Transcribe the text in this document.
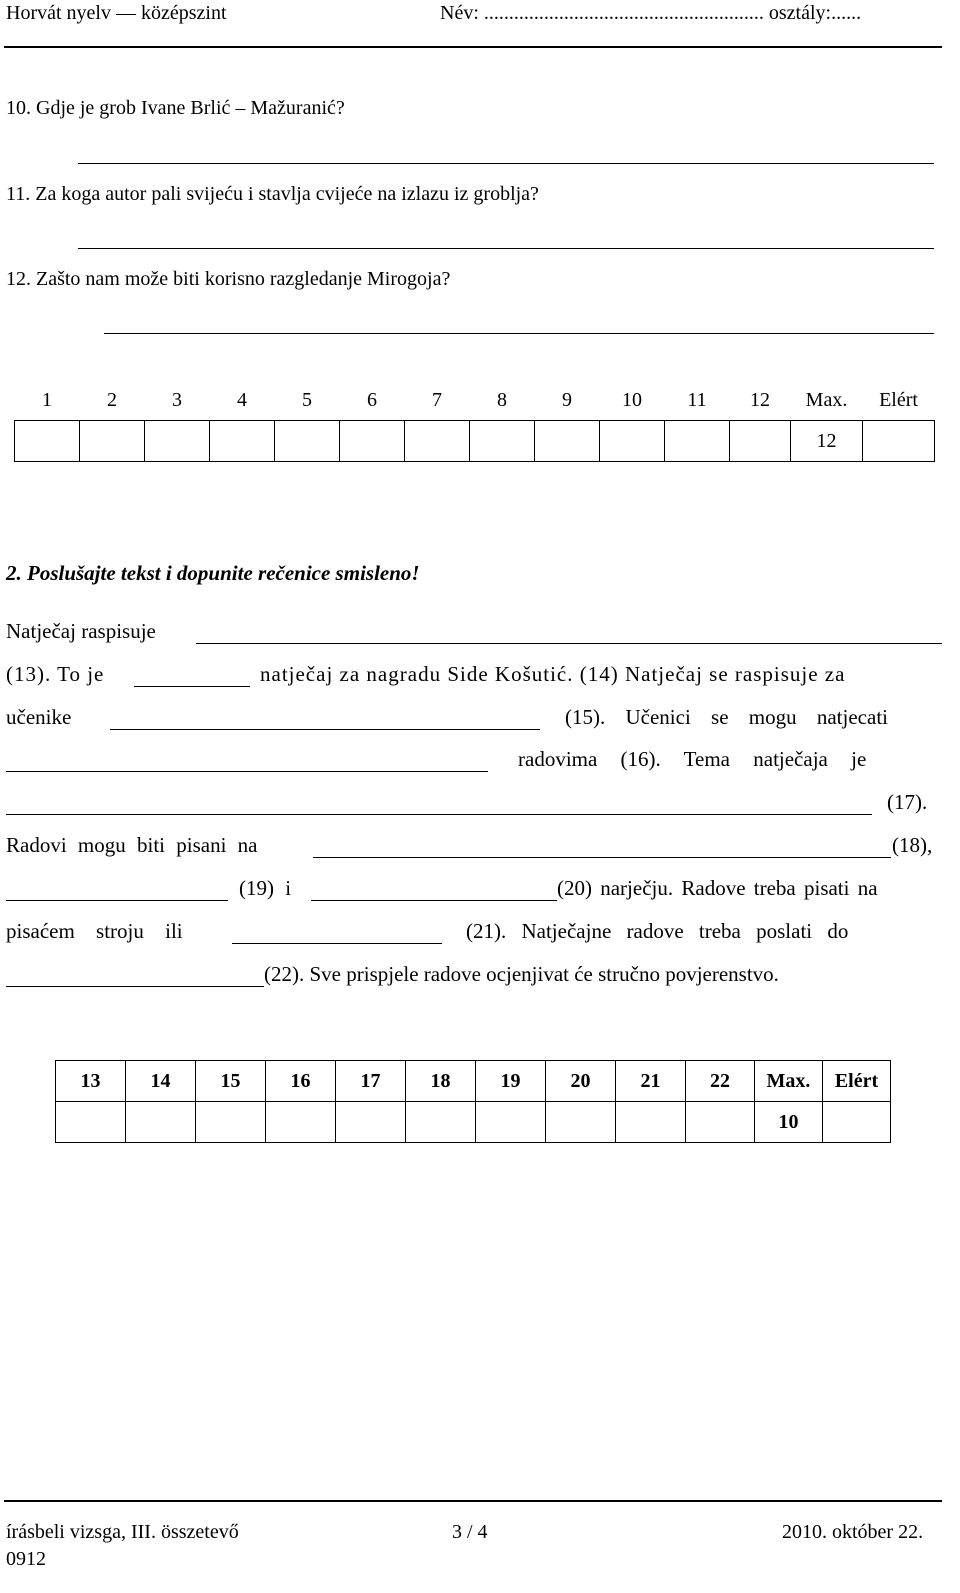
Horvát nyelv — középszint	Név: ........................................................ osztály:......
10. Gdje je grob Ivane Brlić – Mažuranić?
11. Za koga autor pali svijeću i stavlja cvijeće na izlazu iz groblja?
12. Zašto nam može biti korisno razgledanje Mirogoja?
1	2	3	4	5	6	7	8	9	10	11	12	Max.	Elért
												12	
2. Poslušajte tekst i dopunite rečenice smisleno!
Natječaj raspisuje
(13). To je	natječaj za nagradu Side Košutić. (14) Natječaj se raspisuje za
učenike	(15). Učenici se mogu natjecati
radovima (16). Tema natječaja je
(17).
Radovi mogu biti pisani na	(18),
(19) i	(20) narječju. Radove treba pisati na
pisaćem stroju ili	(21). Natječajne radove treba poslati do
(22). Sve prispjele radove ocjenjivat će stručno povjerenstvo.
13	14	15	16	17	18	19	20	21	22	Max.	Elért
										10	
írásbeli vizsga, III. összetevő	3 / 4	2010. október 22.
0912
